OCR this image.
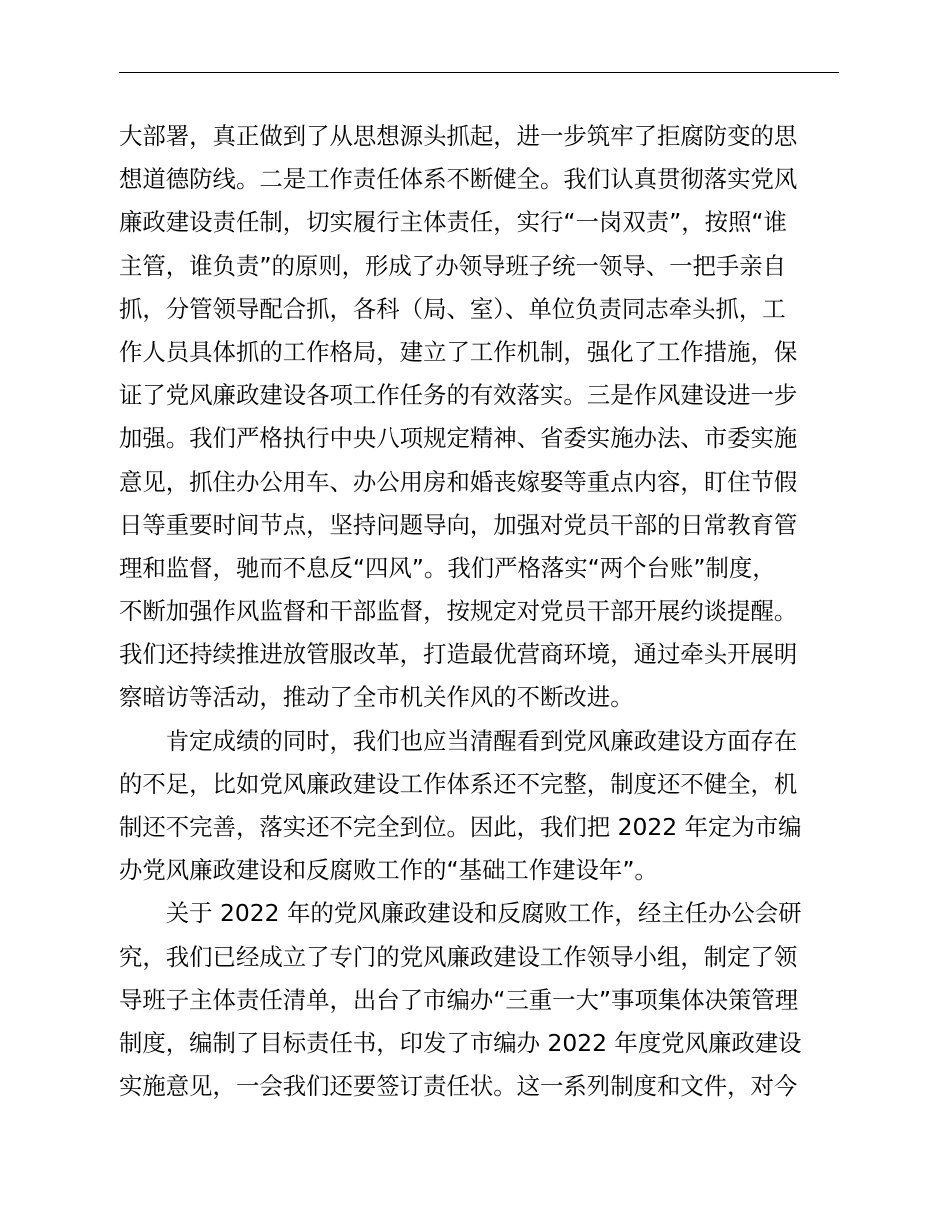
大部署，真正做到了从思想源头抓起，进一步筑牢了拒腐防变的思
想道德防线。二是工作责任体系不断健全。我们认真贯彻落实党风
廉政建设责任制，切实履行主体责任，实行“一岗双责”，按照“谁
主管，谁负责”的原则，形成了办领导班子统一领导、一把手亲自
抓，分管领导配合抓，各科（局、室）、单位负责同志牵头抓，工
作人员具体抓的工作格局，建立了工作机制，强化了工作措施，保
证了党风廉政建设各项工作任务的有效落实。三是作风建设进一步
加强。我们严格执行中央八项规定精神、省委实施办法、市委实施
意见，抓住办公用车、办公用房和婚丧嫁娶等重点内容，盯住节假
日等重要时间节点，坚持问题导向，加强对党员干部的日常教育管
理和监督，驰而不息反“四风”。我们严格落实“两个台账”制度，
不断加强作风监督和干部监督，按规定对党员干部开展约谈提醒。
我们还持续推进放管服改革，打造最优营商环境，通过牵头开展明
察暗访等活动，推动了全市机关作风的不断改进。
　　肯定成绩的同时，我们也应当清醒看到党风廉政建设方面存在
的不足，比如党风廉政建设工作体系还不完整，制度还不健全，机
制还不完善，落实还不完全到位。因此，我们把 2022 年定为市编
办党风廉政建设和反腐败工作的“基础工作建设年”。
　　关于 2022 年的党风廉政建设和反腐败工作，经主任办公会研
究，我们已经成立了专门的党风廉政建设工作领导小组，制定了领
导班子主体责任清单，出台了市编办“三重一大”事项集体决策管理
制度，编制了目标责任书，印发了市编办 2022 年度党风廉政建设
实施意见，一会我们还要签订责任状。这一系列制度和文件，对今
